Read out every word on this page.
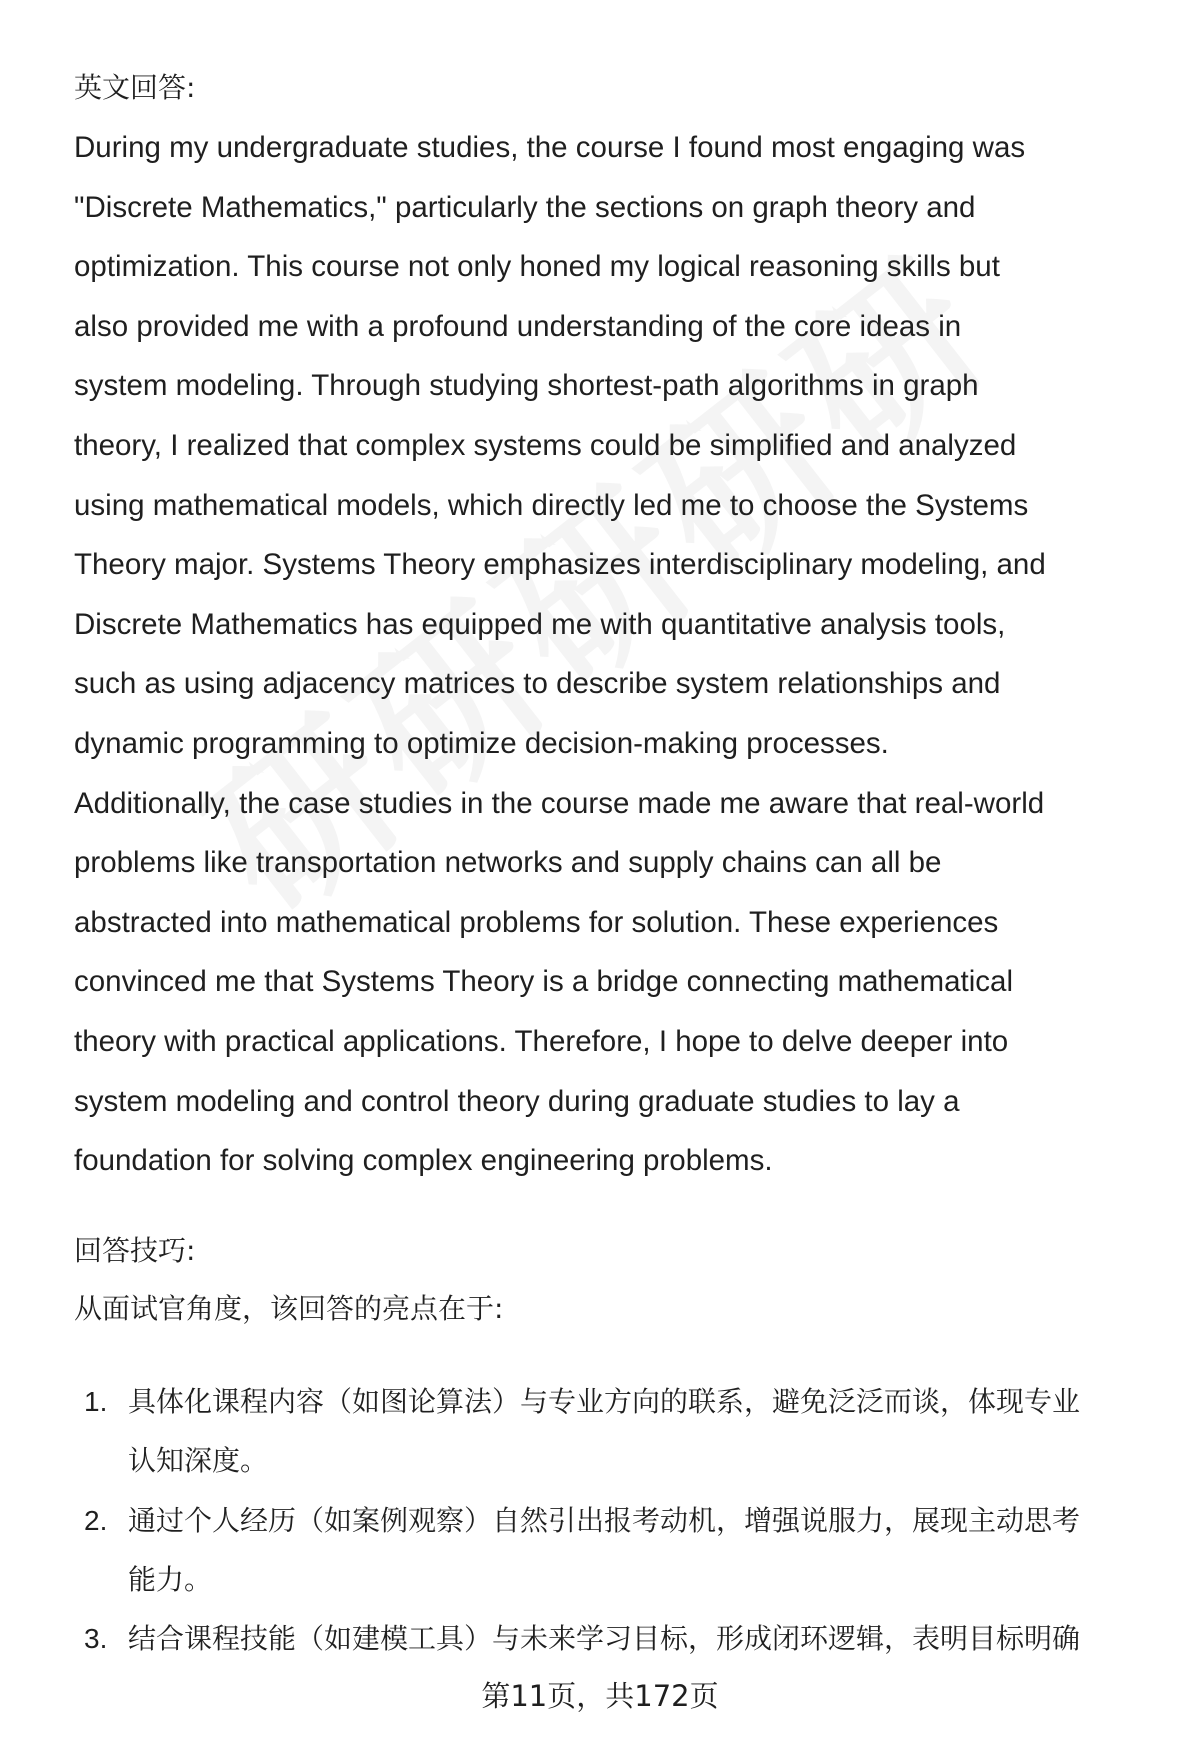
英文回答:
During my undergraduate studies, the course I found most engaging was
"Discrete Mathematics," particularly the sections on graph theory and
optimization. This course not only honed my logical reasoning skills but
also provided me with a profound understanding of the core ideas in
system modeling. Through studying shortest-path algorithms in graph
theory, I realized that complex systems could be simplified and analyzed
using mathematical models, which directly led me to choose the Systems
Theory major. Systems Theory emphasizes interdisciplinary modeling, and
Discrete Mathematics has equipped me with quantitative analysis tools,
such as using adjacency matrices to describe system relationships and
dynamic programming to optimize decision-making processes.
Additionally, the case studies in the course made me aware that real-world
problems like transportation networks and supply chains can all be
abstracted into mathematical problems for solution. These experiences
convinced me that Systems Theory is a bridge connecting mathematical
theory with practical applications. Therefore, I hope to delve deeper into
system modeling and control theory during graduate studies to lay a
foundation for solving complex engineering problems.
回答技巧:
从面试官角度，该回答的亮点在于:
1. 具体化课程内容（如图论算法）与专业方向的联系，避免泛泛而谈，体现专业
认知深度。
2. 通过个人经历（如案例观察）自然引出报考动机，增强说服力，展现主动思考
能力。
3. 结合课程技能（如建模工具）与未来学习目标，形成闭环逻辑，表明目标明确
第11页，共172页
